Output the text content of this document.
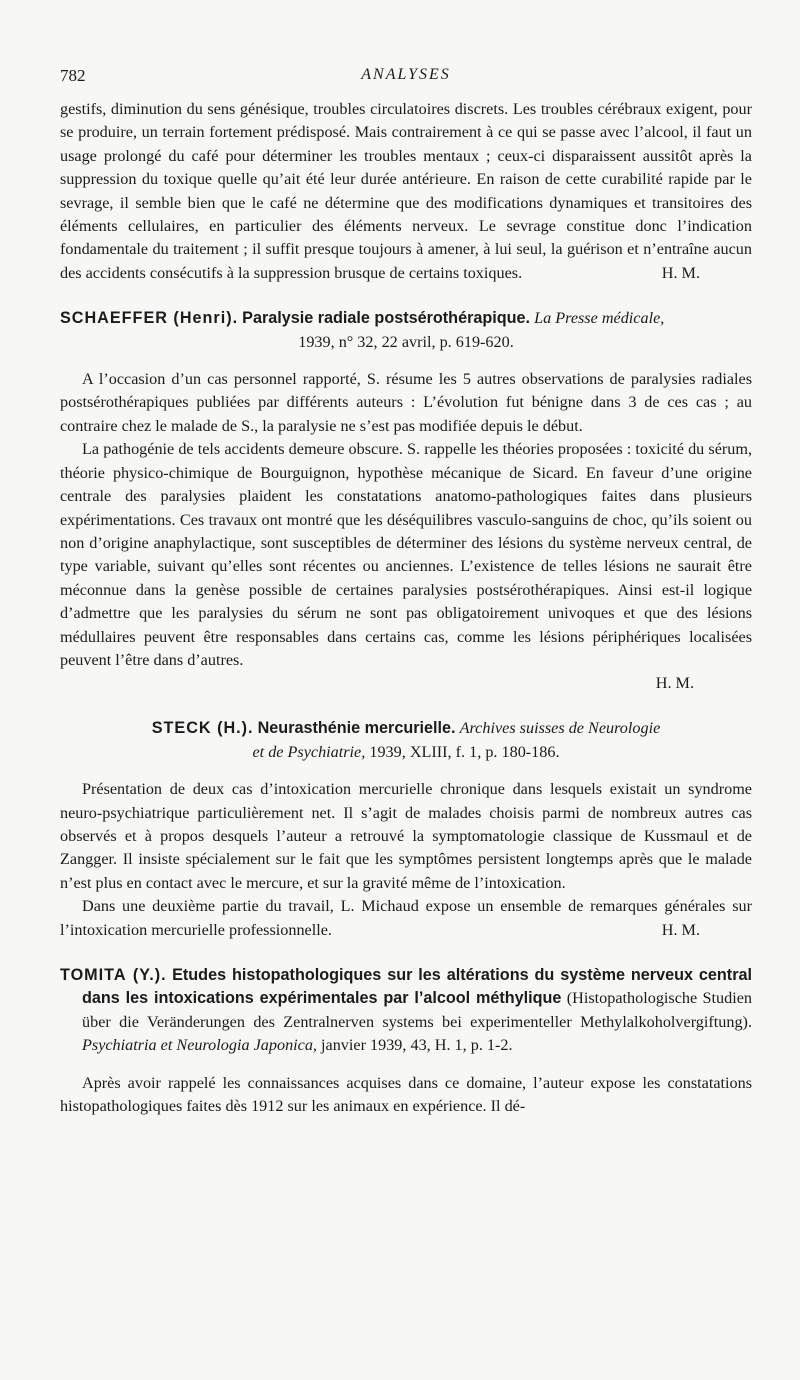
782	ANALYSES

gestifs, diminution du sens génésique, troubles circulatoires discrets. Les troubles cérébraux exigent, pour se produire, un terrain fortement prédisposé. Mais contrairement à ce qui se passe avec l’alcool, il faut un usage prolongé du café pour déterminer les troubles mentaux ; ceux-ci disparaissent aussitôt après la suppression du toxique quelle qu’ait été leur durée antérieure. En raison de cette curabilité rapide par le sevrage, il semble bien que le café ne détermine que des modifications dynamiques et transitoires des éléments cellulaires, en particulier des éléments nerveux. Le sevrage constitue donc l’indication fondamentale du traitement ; il suffit presque toujours à amener, à lui seul, la guérison et n’entraîne aucun des accidents consécutifs à la suppression brusque de certains toxiques.	H. M.

SCHAEFFER (Henri). Paralysie radiale postsérothérapique. La Presse médicale,
1939, n° 32, 22 avril, p. 619-620.

A l’occasion d’un cas personnel rapporté, S. résume les 5 autres observations de paralysies radiales postsérothérapiques publiées par différents auteurs : L’évolution fut bénigne dans 3 de ces cas ; au contraire chez le malade de S., la paralysie ne s’est pas modifiée depuis le début.

La pathogénie de tels accidents demeure obscure. S. rappelle les théories proposées : toxicité du sérum, théorie physico-chimique de Bourguignon, hypothèse mécanique de Sicard. En faveur d’une origine centrale des paralysies plaident les constatations anatomo-pathologiques faites dans plusieurs expérimentations. Ces travaux ont montré que les déséquilibres vasculo-sanguins de choc, qu’ils soient ou non d’origine anaphylactique, sont susceptibles de déterminer des lésions du système nerveux central, de type variable, suivant qu’elles sont récentes ou anciennes. L’existence de telles lésions ne saurait être méconnue dans la genèse possible de certaines paralysies postsérothérapiques. Ainsi est-il logique d’admettre que les paralysies du sérum ne sont pas obligatoirement univoques et que des lésions médullaires peuvent être responsables dans certains cas, comme les lésions périphériques localisées peuvent l’être dans d’autres.

H. M.
STECK (H.). Neurasthénie mercurielle. Archives suisses de Neurologie
et de Psychiatrie, 1939, XLIII, f. 1, p. 180-186.

Présentation de deux cas d’intoxication mercurielle chronique dans lesquels existait un syndrome neuro-psychiatrique particulièrement net. Il s’agit de malades choisis parmi de nombreux autres cas observés et à propos desquels l’auteur a retrouvé la symptomatologie classique de Kussmaul et de Zangger. Il insiste spécialement sur le fait que les symptômes persistent longtemps après que le malade n’est plus en contact avec le mercure, et sur la gravité même de l’intoxication.

Dans une deuxième partie du travail, L. Michaud expose un ensemble de remarques générales sur l’intoxication mercurielle professionnelle.	H. M.

TOMITA (Y.). Etudes histopathologiques sur les altérations du système nerveux central dans les intoxications expérimentales par l’alcool méthylique (Histopathologische Studien über die Veränderungen des Zentralnerven systems bei experimenteller Methylalkoholvergiftung). Psychiatria et Neurologia Japonica, janvier 1939, 43, H. 1, p. 1-2.

Après avoir rappelé les connaissances acquises dans ce domaine, l’auteur expose les constatations histopathologiques faites dès 1912 sur les animaux en expérience. Il dé-
